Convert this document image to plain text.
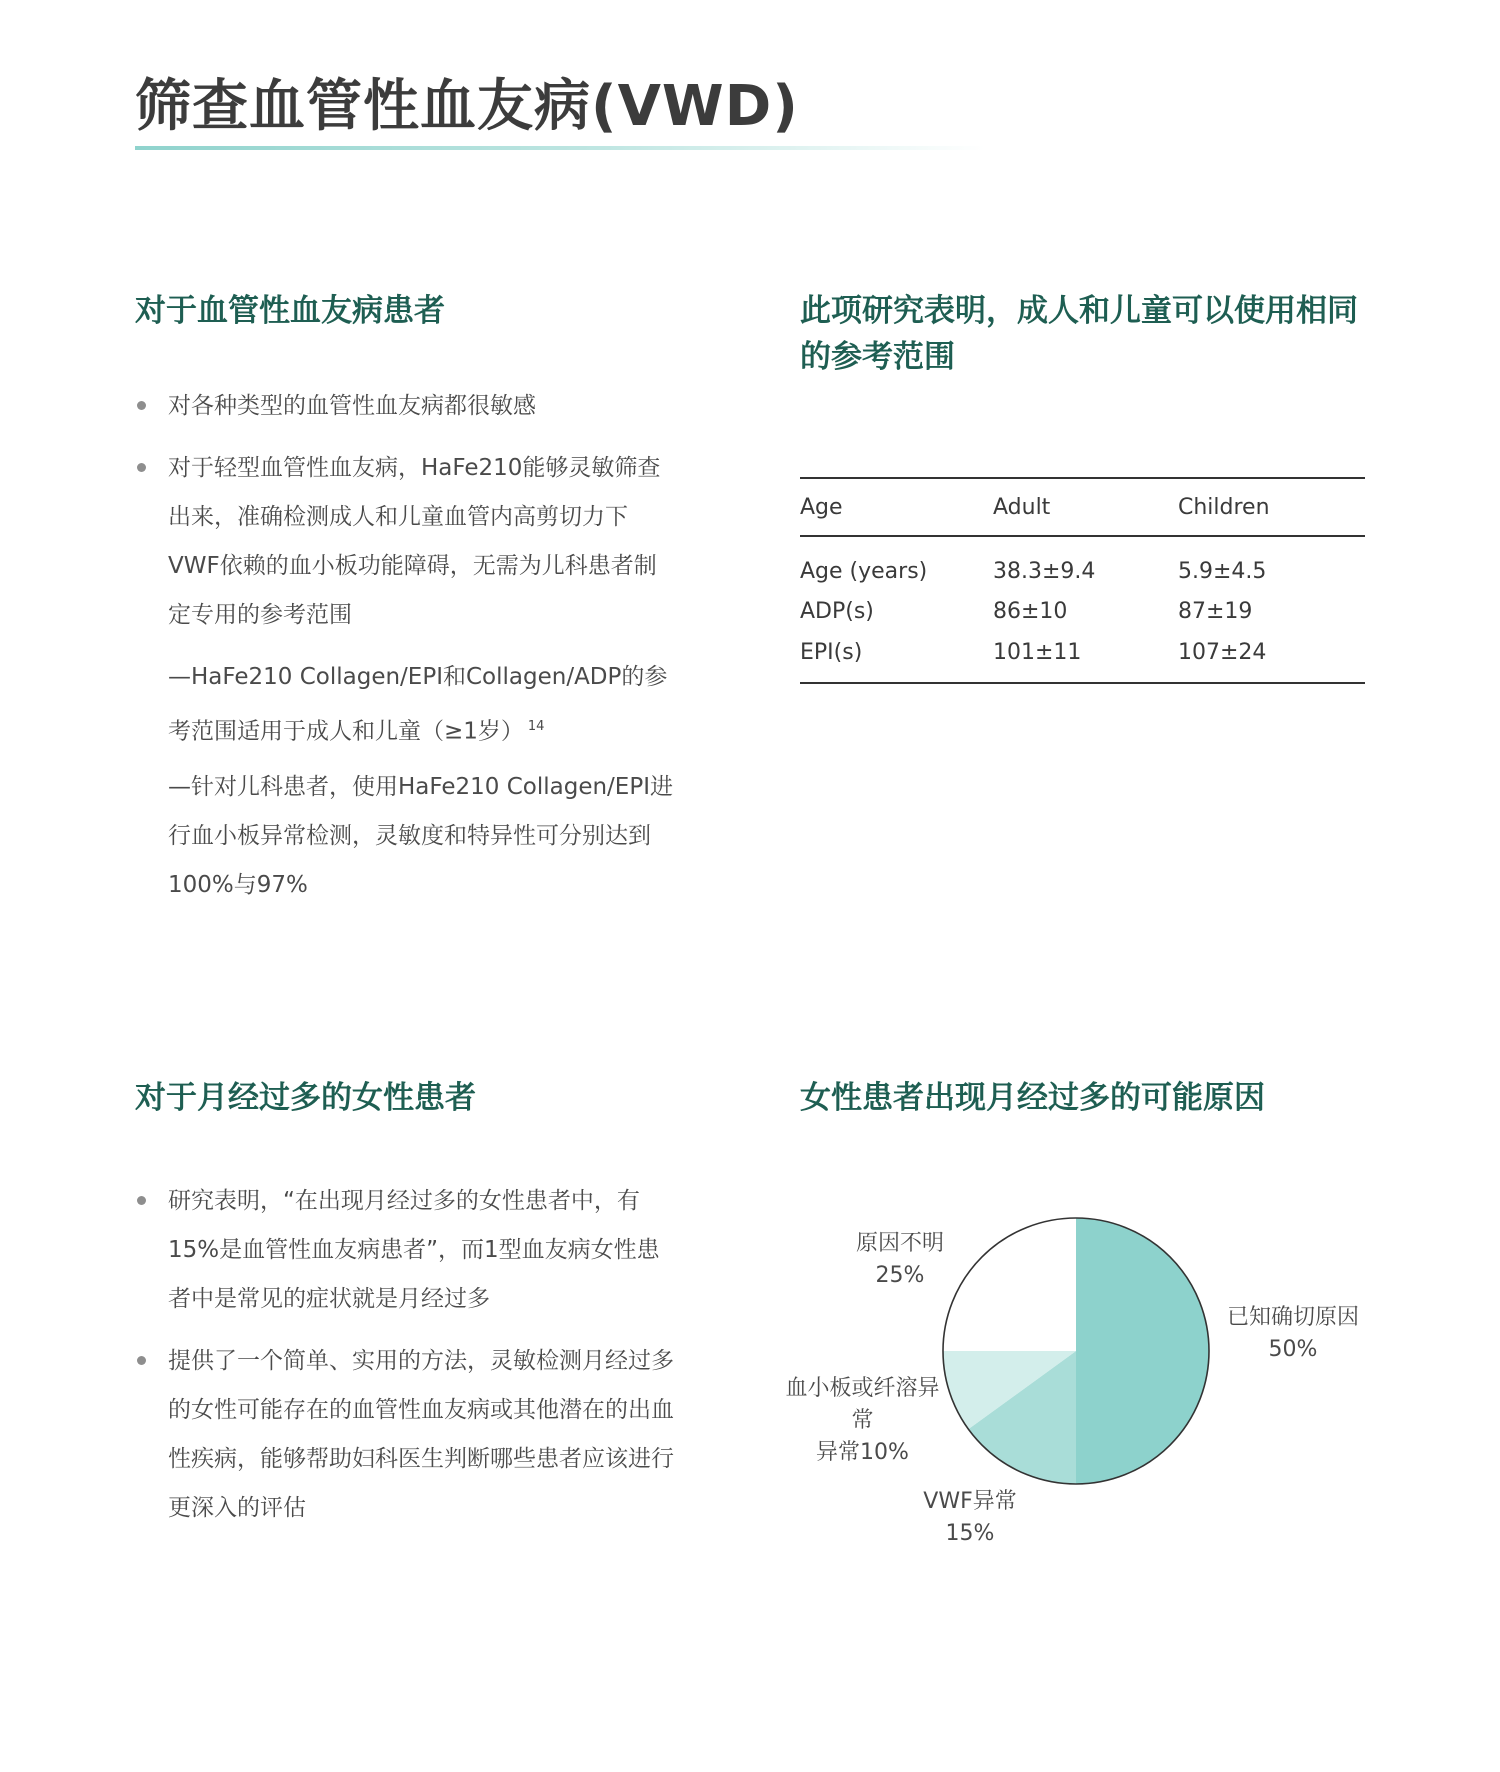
筛查血管性血友病(VWD)
对于血管性血友病患者
对各种类型的血管性血友病都很敏感
对于轻型血管性血友病，HaFe210能够灵敏筛查出来，准确检测成人和儿童血管内高剪切力下VWF依赖的血小板功能障碍，无需为儿科患者制定专用的参考范围
—HaFe210 Collagen/EPI和Collagen/ADP的参考范围适用于成人和儿童（≥1岁） $^{14}$
—针对儿科患者，使用HaFe210 Collagen/EPI进行血小板异常检测，灵敏度和特异性可分别达到100%与97%
此项研究表明，成人和儿童可以使用相同的参考范围
Age	Adult	Children
Age (years)	38.3±9.4	5.9±4.5
ADP(s)	86±10	87±19
EPI(s)	101±11	107±24
对于月经过多的女性患者
研究表明，“在出现月经过多的女性患者中，有15%是血管性血友病患者”，而1型血友病女性患者中是常见的症状就是月经过多
提供了一个简单、实用的方法，灵敏检测月经过多的女性可能存在的血管性血友病或其他潜在的出血性疾病，能够帮助妇科医生判断哪些患者应该进行更深入的评估
女性患者出现月经过多的可能原因
已知确切原因
50%
VWF异常
15%
血小板或纤溶异常
异常10%
原因不明
25%
